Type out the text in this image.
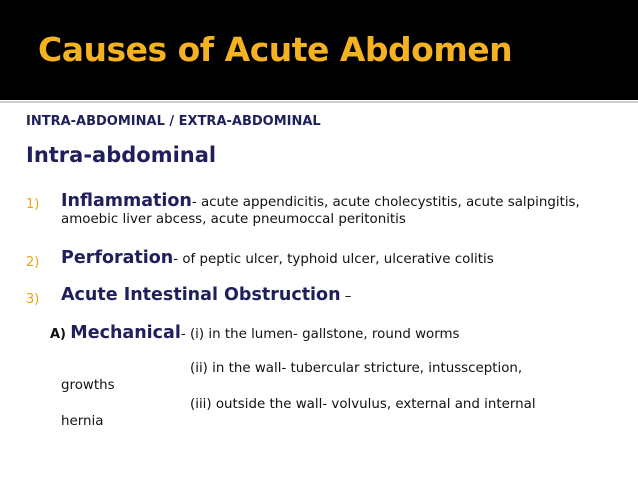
Causes of Acute Abdomen
INTRA-ABDOMINAL / EXTRA-ABDOMINAL
Intra-abdominal
1) Inflammation- acute appendicitis, acute cholecystitis, acute salpingitis,
amoebic liver abcess, acute pneumoccal peritonitis
2) Perforation- of peptic ulcer, typhoid ulcer, ulcerative colitis
3) Acute Intestinal Obstruction –
A) Mechanical- (i) in the lumen- gallstone, round worms
(ii) in the wall- tubercular stricture, intussception,
growths
(iii) outside the wall- volvulus, external and internal
hernia
